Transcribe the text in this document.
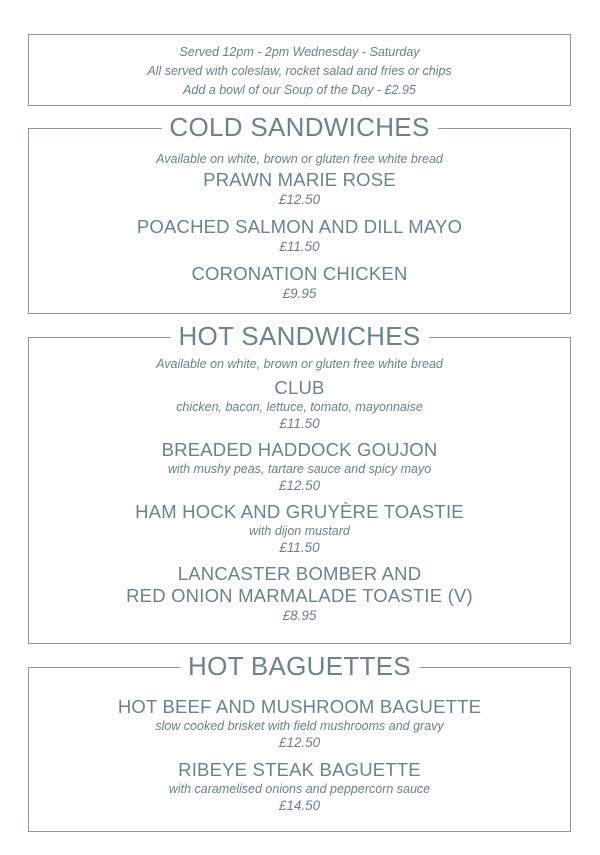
Served 12pm - 2pm Wednesday - Saturday
All served with coleslaw, rocket salad and fries or chips
Add a bowl of our Soup of the Day - £2.95
COLD SANDWICHES
Available on white, brown or gluten free white bread
PRAWN MARIE ROSE
£12.50
POACHED SALMON AND DILL MAYO
£11.50
CORONATION CHICKEN
£9.95
HOT SANDWICHES
Available on white, brown or gluten free white bread
CLUB
chicken, bacon, lettuce, tomato, mayonnaise
£11.50
BREADED HADDOCK GOUJON
with mushy peas, tartare sauce and spicy mayo
£12.50
HAM HOCK AND GRUYÈRE TOASTIE
with dijon mustard
£11.50
LANCASTER BOMBER AND
RED ONION MARMALADE TOASTIE (V)
£8.95
HOT BAGUETTES
HOT BEEF AND MUSHROOM BAGUETTE
slow cooked brisket with field mushrooms and gravy
£12.50
RIBEYE STEAK BAGUETTE
with caramelised onions and peppercorn sauce
£14.50
